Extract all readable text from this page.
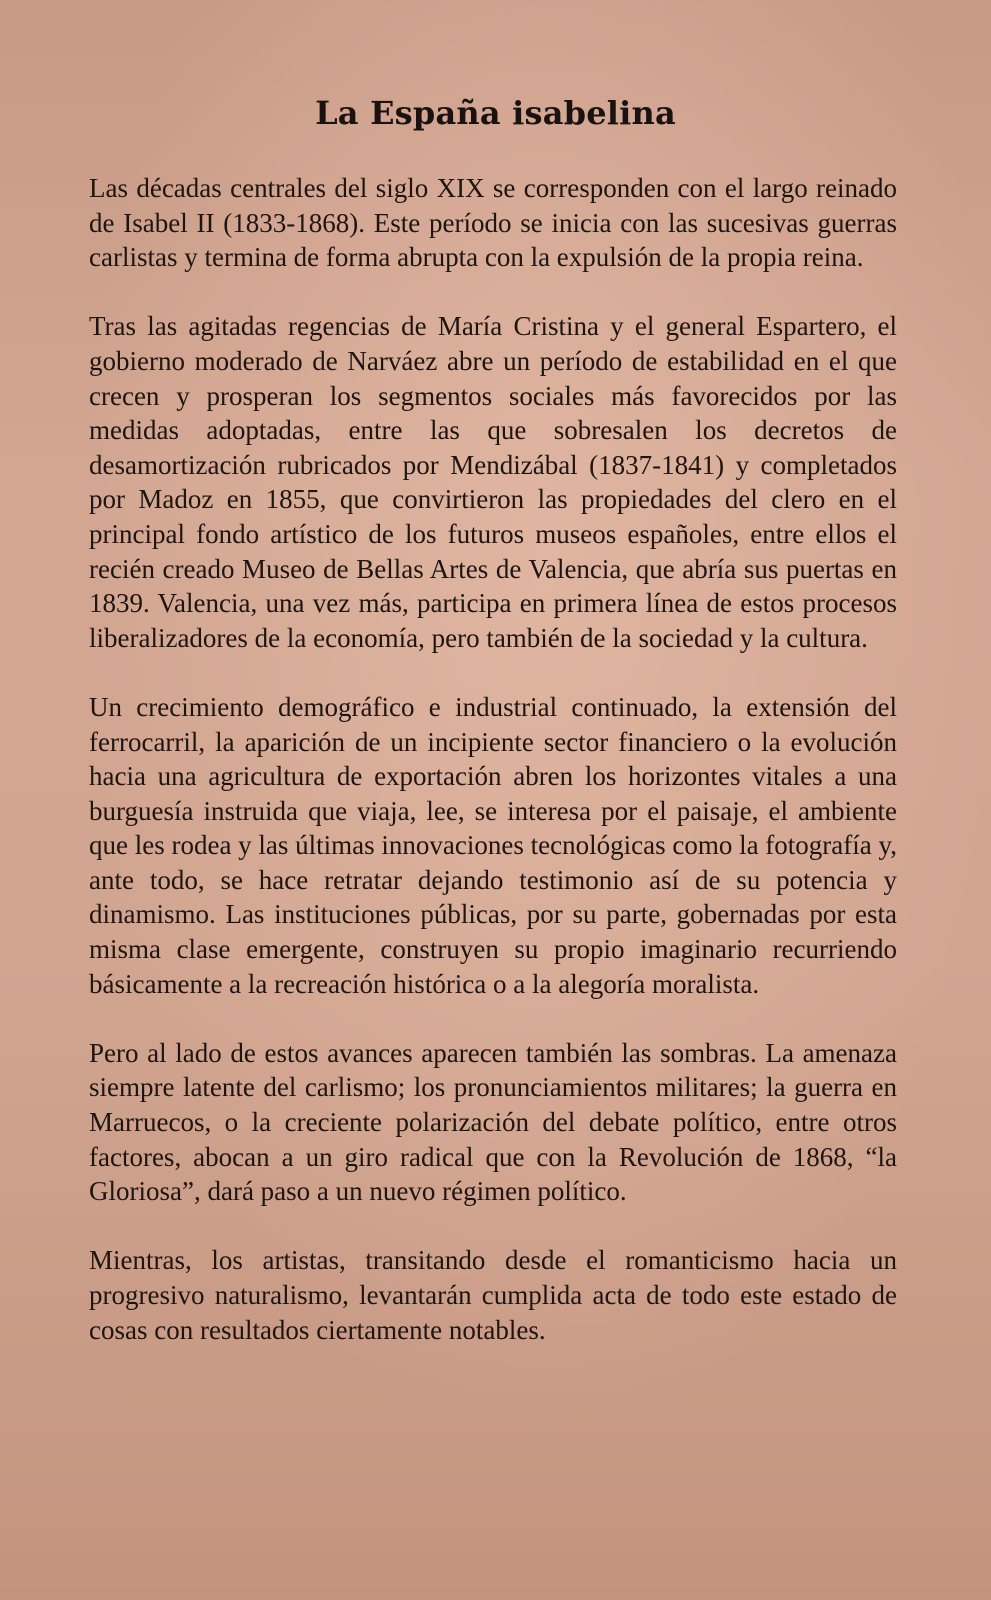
La España isabelina

Las décadas centrales del siglo XIX se corresponden con el largo reinado de Isabel II (1833-1868). Este período se inicia con las sucesivas guerras carlistas y termina de forma abrupta con la expulsión de la propia reina.

Tras las agitadas regencias de María Cristina y el general Espartero, el gobierno moderado de Narváez abre un período de estabilidad en el que crecen y prosperan los segmentos sociales más favorecidos por las medidas adoptadas, entre las que sobresalen los decretos de desamortización rubricados por Mendizábal (1837-1841) y completados por Madoz en 1855, que convirtieron las propiedades del clero en el principal fondo artístico de los futuros museos españoles, entre ellos el recién creado Museo de Bellas Artes de Valencia, que abría sus puertas en 1839. Valencia, una vez más, participa en primera línea de estos procesos liberalizadores de la economía, pero también de la sociedad y la cultura.

Un crecimiento demográfico e industrial continuado, la extensión del ferrocarril, la aparición de un incipiente sector financiero o la evolución hacia una agricultura de exportación abren los horizontes vitales a una burguesía instruida que viaja, lee, se interesa por el paisaje, el ambiente que les rodea y las últimas innovaciones tecnológicas como la fotografía y, ante todo, se hace retratar dejando testimonio así de su potencia y dinamismo. Las instituciones públicas, por su parte, gobernadas por esta misma clase emergente, construyen su propio imaginario recurriendo básicamente a la recreación histórica o a la alegoría moralista.

Pero al lado de estos avances aparecen también las sombras. La amenaza siempre latente del carlismo; los pronunciamientos militares; la guerra en Marruecos, o la creciente polarización del debate político, entre otros factores, abocan a un giro radical que con la Revolución de 1868, “la Gloriosa”, dará paso a un nuevo régimen político.

Mientras, los artistas, transitando desde el romanticismo hacia un progresivo naturalismo, levantarán cumplida acta de todo este estado de cosas con resultados ciertamente notables.
